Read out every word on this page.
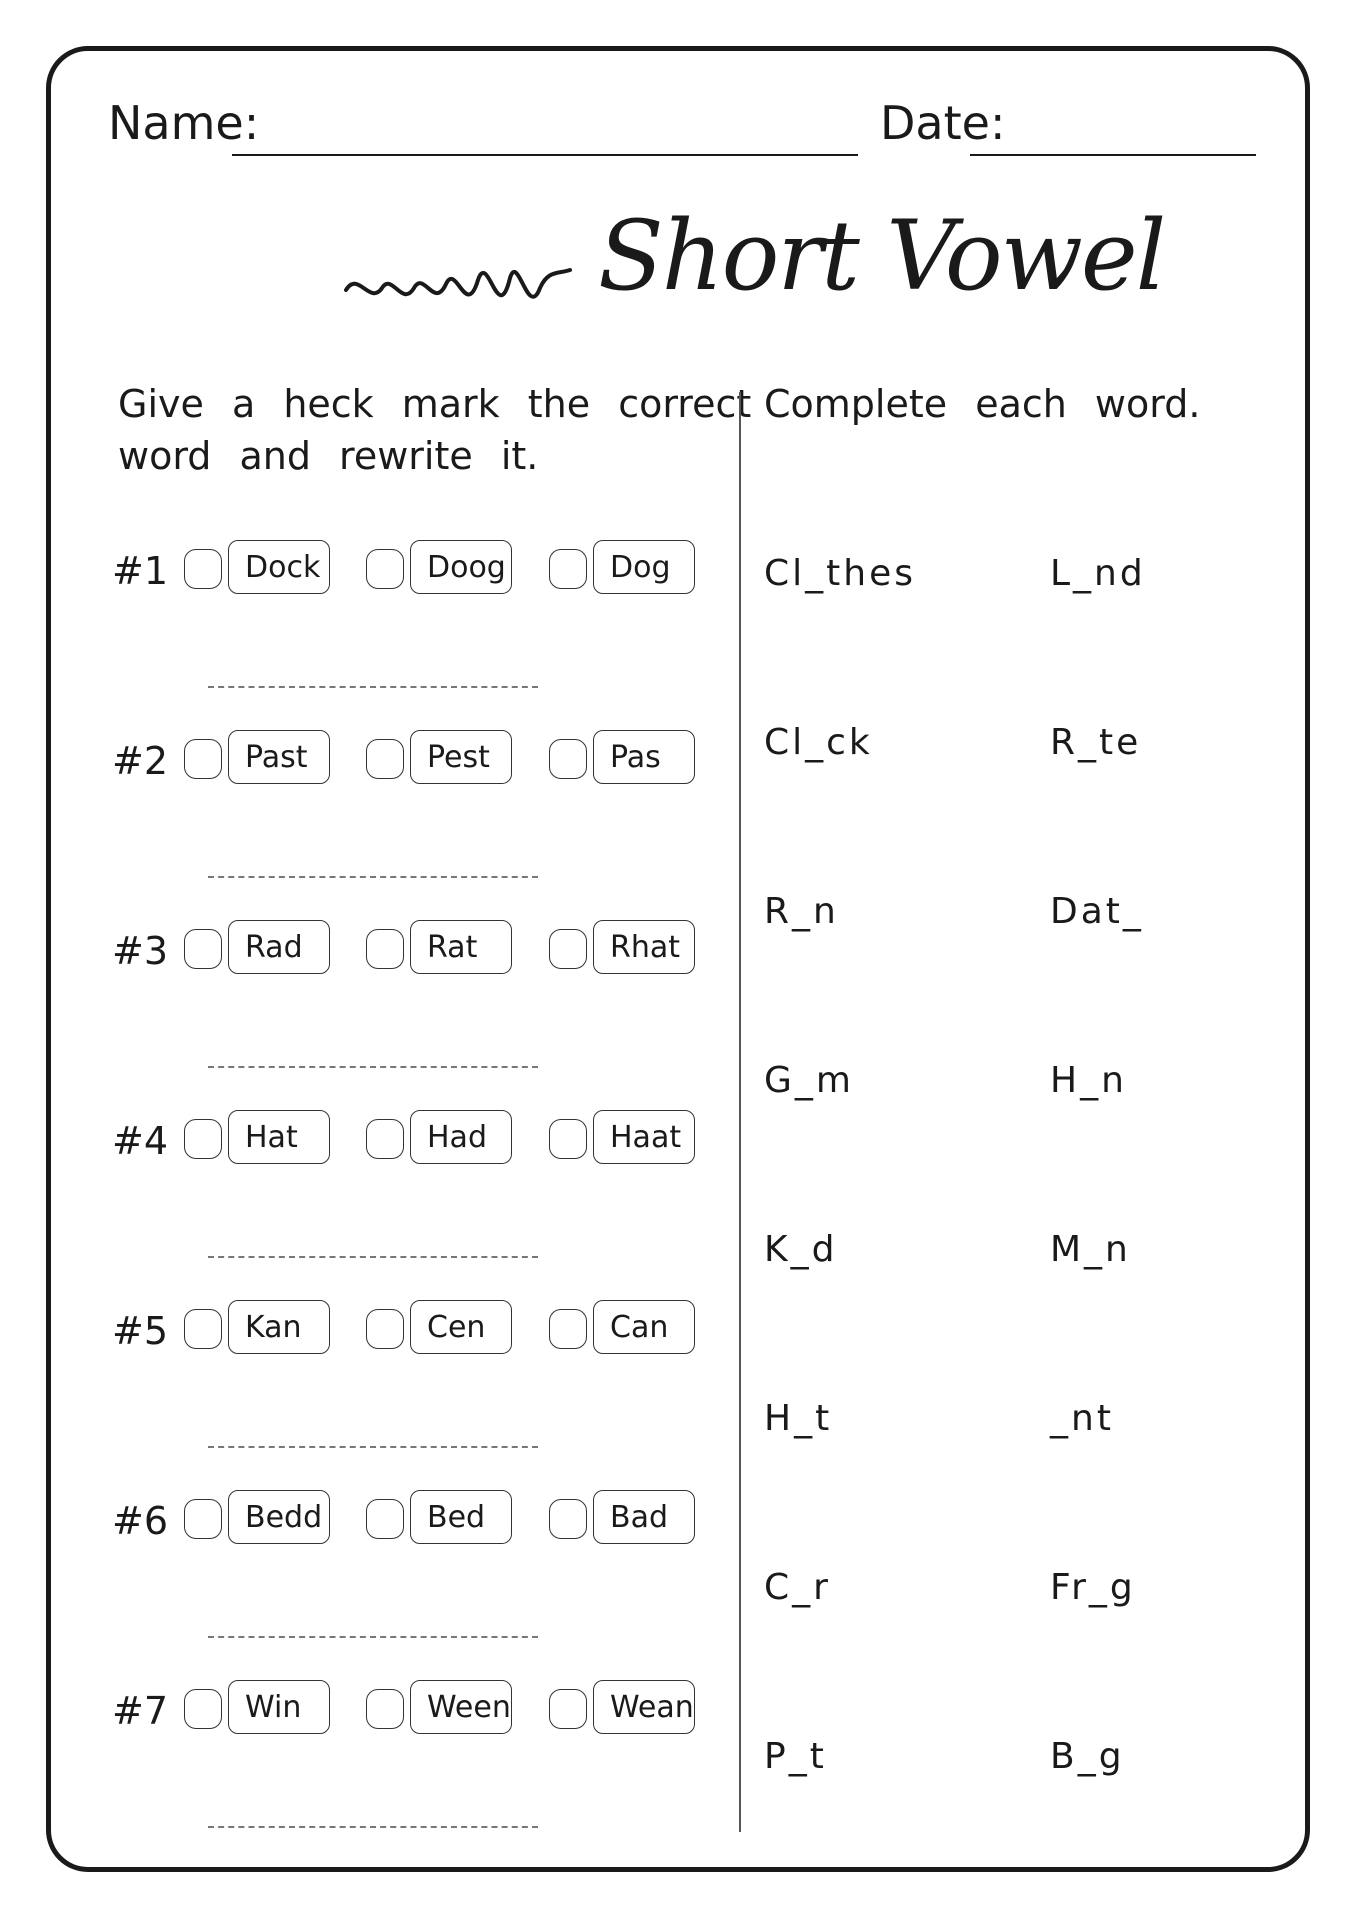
Name:	Date:
Short Vowel
Give a heck mark the correct
word and rewrite it.
Complete each word.
#1	Dock	Doog	Dog
#2	Past	Pest	Pas
#3	Rad	Rat	Rhat
#4	Hat	Had	Haat
#5	Kan	Cen	Can
#6	Bedd	Bed	Bad
#7	Win	Ween	Wean
Cl_thes	L_nd
Cl_ck	R_te
R_n	Dat_
G_m	H_n
K_d	M_n
H_t	_nt
C_r	Fr_g
P_t	B_g
